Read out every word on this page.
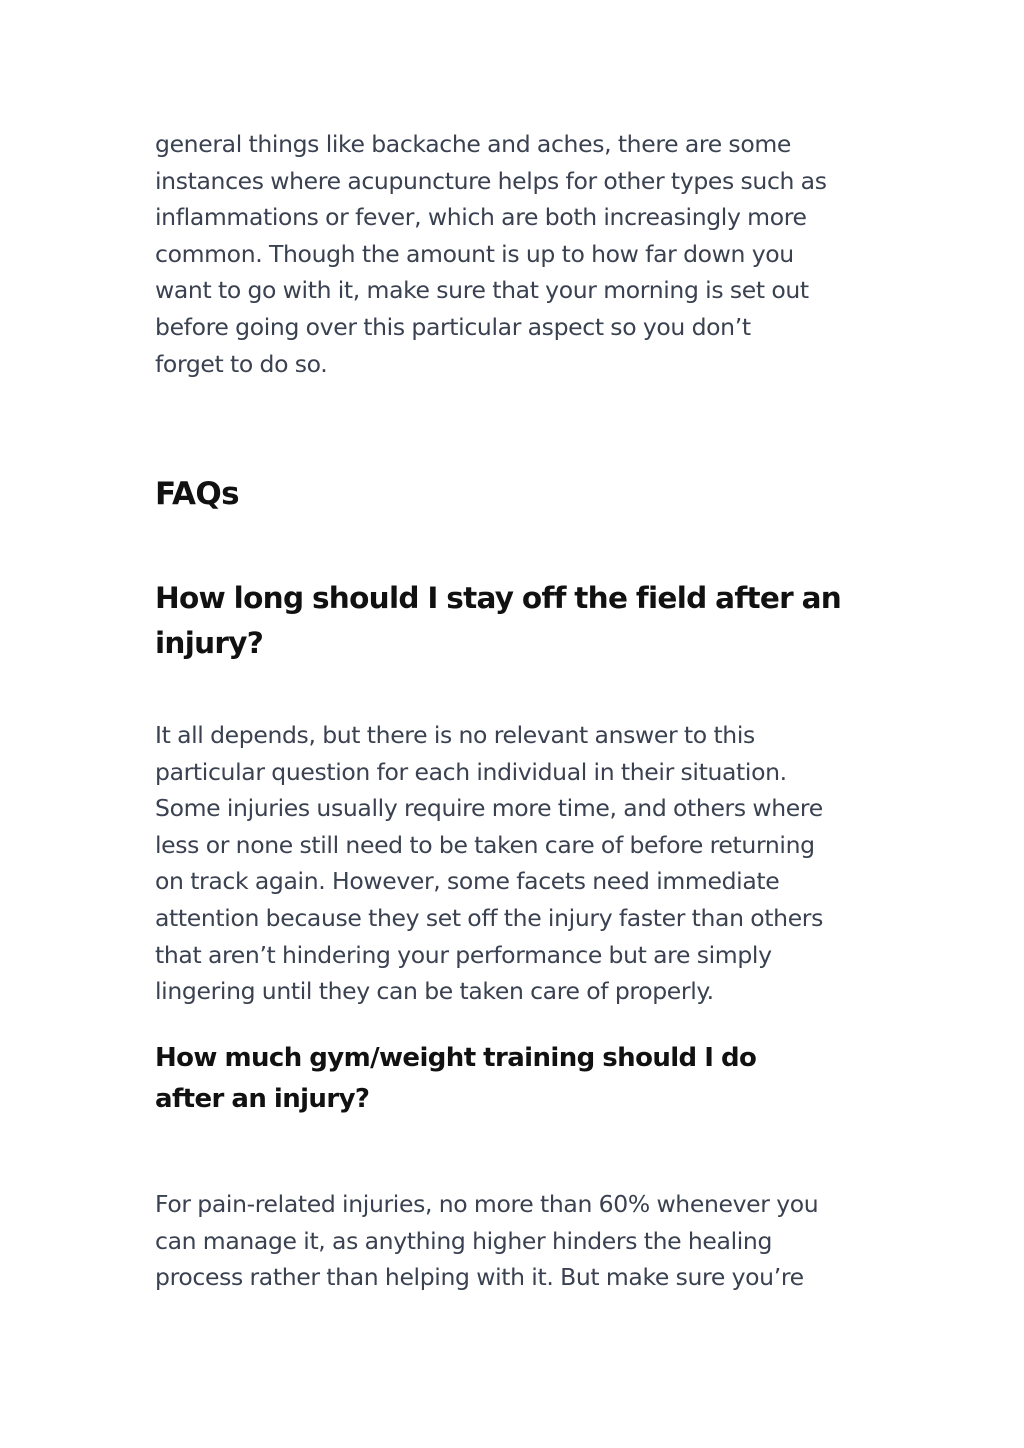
general things like backache and aches, there are some
instances where acupuncture helps for other types such as
inflammations or fever, which are both increasingly more
common. Though the amount is up to how far down you
want to go with it, make sure that your morning is set out
before going over this particular aspect so you don’t
forget to do so.

FAQs
How long should I stay off the field after an
injury?

It all depends, but there is no relevant answer to this
particular question for each individual in their situation.
Some injuries usually require more time, and others where
less or none still need to be taken care of before returning
on track again. However, some facets need immediate
attention because they set off the injury faster than others
that aren’t hindering your performance but are simply
lingering until they can be taken care of properly.

How much gym/weight training should I do
after an injury?

For pain-related injuries, no more than 60% whenever you
can manage it, as anything higher hinders the healing
process rather than helping with it. But make sure you’re
